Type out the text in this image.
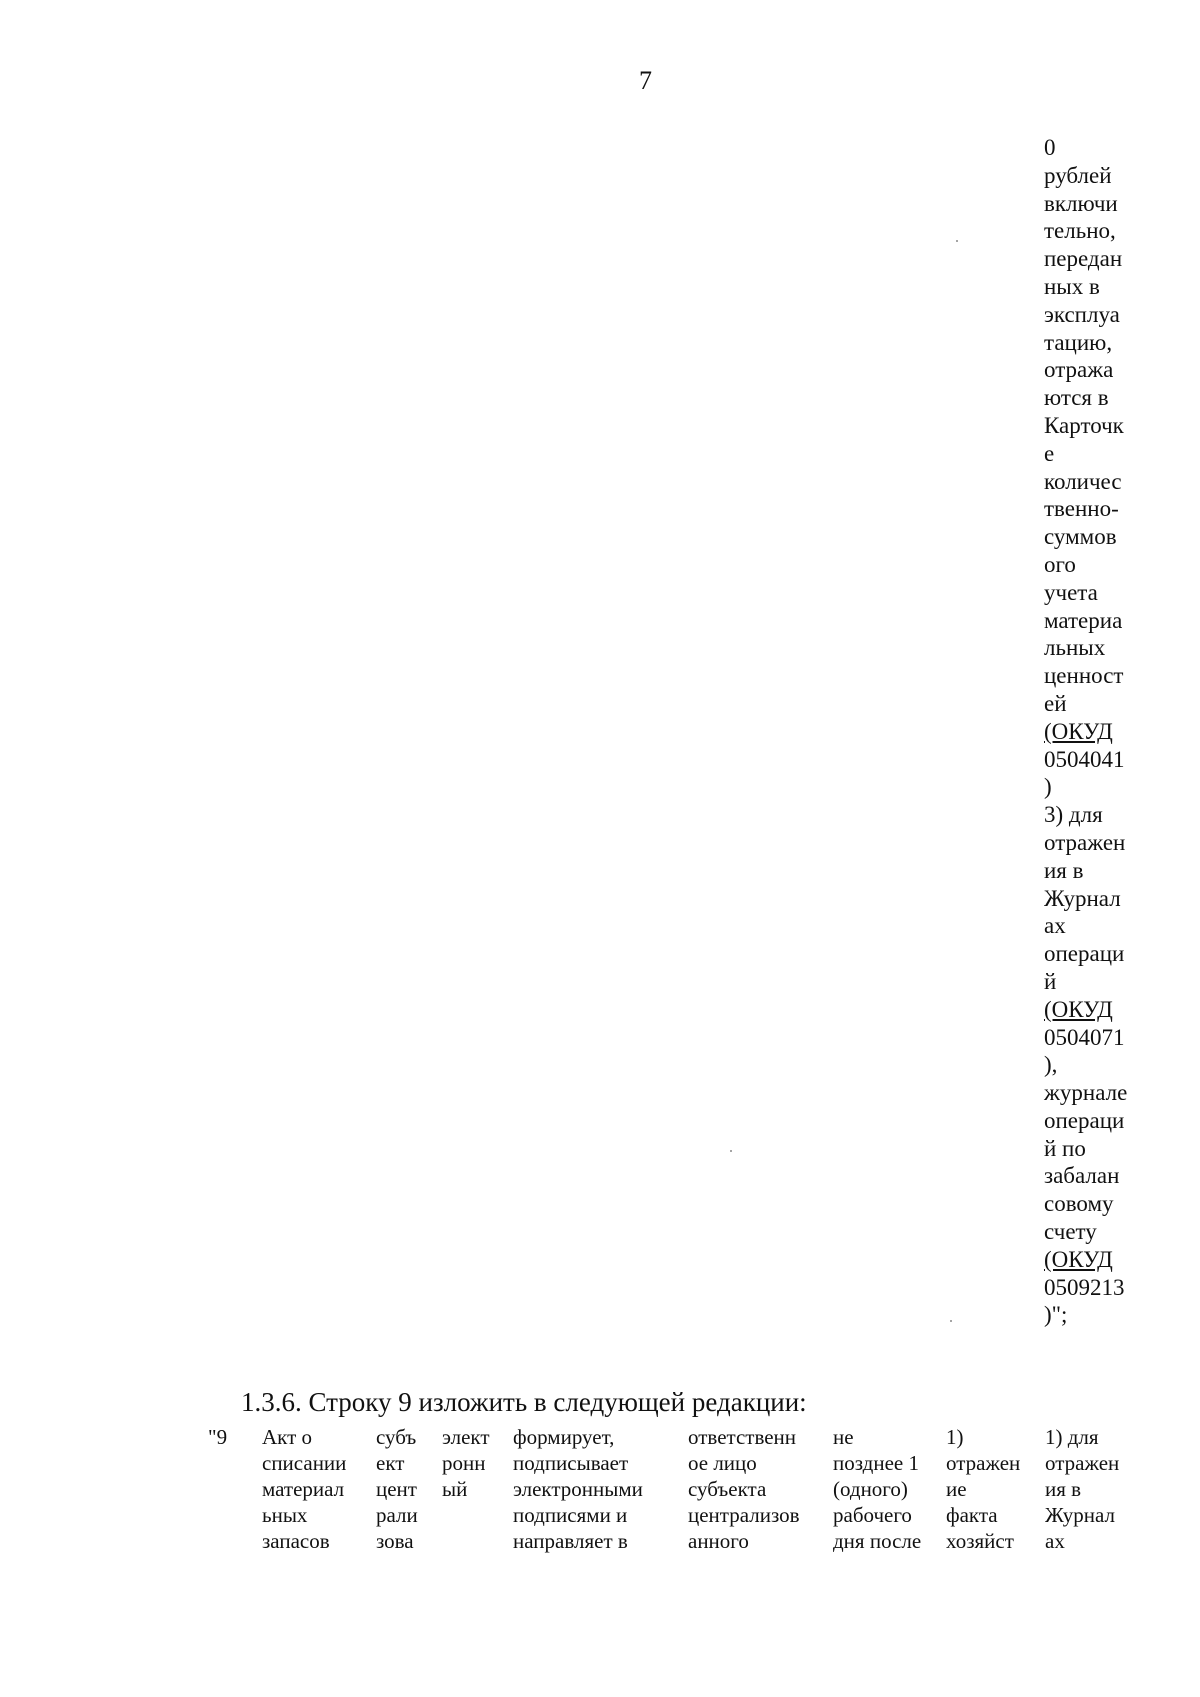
7
0
рублей
включи
тельно,
передан
ных в
эксплуа
тацию,
отража
ются в
Карточк
е
количес
твенно-
суммов
ого
учета
материа
льных
ценност
ей
(ОКУД
0504041
)
3) для
отражен
ия в
Журнал
ах
операци
й
(ОКУД
0504071
),
журнале
операци
й по
забалан
совому
счету
(ОКУД
0509213
)";
1.3.6. Строку 9 изложить в следующей редакции:
"9 Акт о
списании
материал
ьных
запасов
субъ
ект
цент
рали
зова
элект
ронн
ый
формирует,
подписывает
электронными
подписями и
направляет в
ответственн
ое лицо
субъекта
централизов
анного
не
позднее 1
(одного)
рабочего
дня после
1)
отражен
ие
факта
хозяйст
1) для
отражен
ия в
Журнал
ах
